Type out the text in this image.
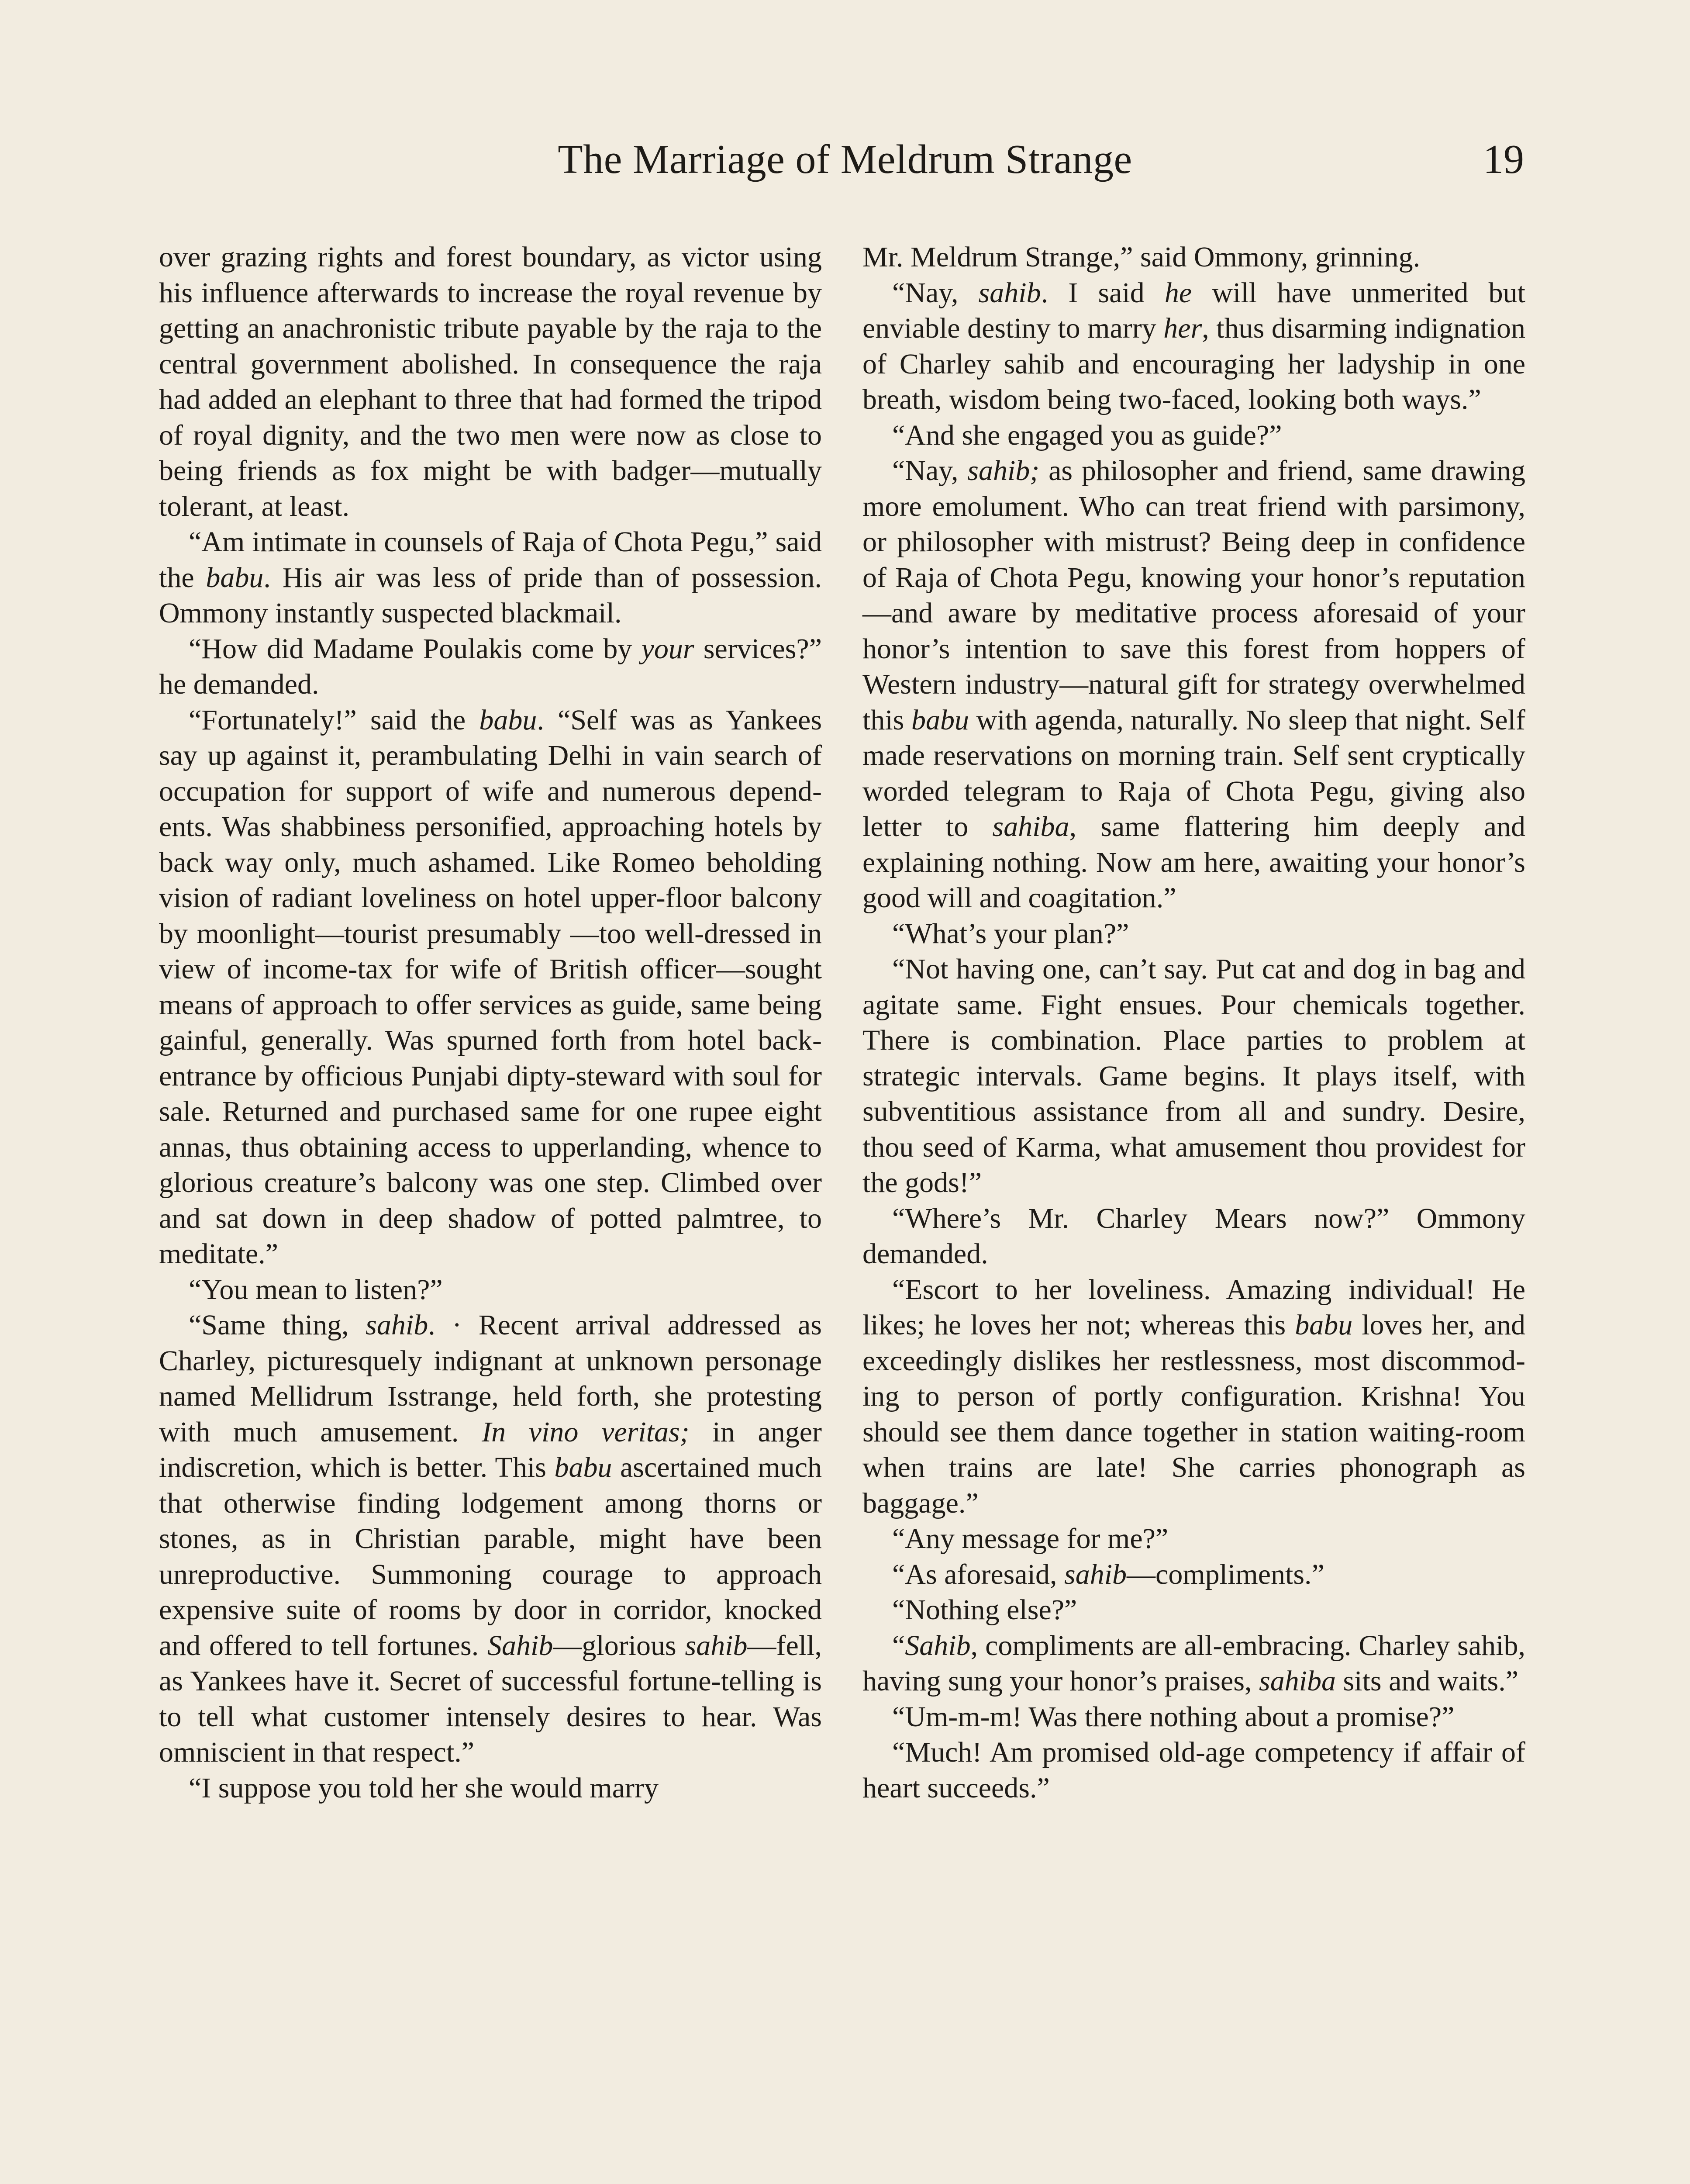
The Marriage of Meldrum Strange	19

over grazing rights and forest boundary, as victor using his influence afterwards to increase the royal revenue by getting an anachronistic tribute payable by the raja to the central government abolished. In consequence the raja had added an elephant to three that had formed the tripod of royal dignity, and the two men were now as close to being friends as fox might be with badger—mutually tolerant, at least.

“Am intimate in counsels of Raja of Chota Pegu,” said the babu. His air was less of pride than of possession. Ommony instantly suspected blackmail.

“How did Madame Poulakis come by your services?” he demanded.

“Fortunately!” said the babu. “Self was as Yankees say up against it, perambulating Delhi in vain search of occupation for support of wife and numerous dependents. Was shabbiness personified, approaching hotels by back way only, much ashamed. Like Romeo beholding vision of radiant loveliness on hotel upper-floor balcony by moonlight—tourist presumably —too well-dressed in view of income-tax for wife of British officer—sought means of approach to offer services as guide, same being gainful, generally. Was spurned forth from hotel back-entrance by officious Punjabi dipty-steward with soul for sale. Returned and purchased same for one rupee eight annas, thus obtaining access to upperlanding, whence to glorious creature’s balcony was one step. Climbed over and sat down in deep shadow of potted palmtree, to meditate.”

“You mean to listen?”

“Same thing, sahib. · Recent arrival addressed as Charley, picturesquely indignant at unknown personage named Mellidrum Isstrange, held forth, she protesting with much amusement. In vino veritas; in anger indiscretion, which is better. This babu ascertained much that otherwise finding lodgement among thorns or stones, as in Christian parable, might have been unreproductive. Summoning courage to approach expensive suite of rooms by door in corridor, knocked and offered to tell fortunes. Sahib—glorious sahib—fell, as Yankees have it. Secret of successful fortune-telling is to tell what customer intensely desires to hear. Was omniscient in that respect.”

“I suppose you told her she would marry

Mr. Meldrum Strange,” said Ommony, grinning.

“Nay, sahib. I said he will have unmerited but enviable destiny to marry her, thus disarming indignation of Charley sahib and encouraging her ladyship in one breath, wisdom being two-faced, looking both ways.”

“And she engaged you as guide?”

“Nay, sahib; as philosopher and friend, same drawing more emolument. Who can treat friend with parsimony, or philosopher with mistrust? Being deep in confidence of Raja of Chota Pegu, knowing your honor’s reputation—and aware by meditative process aforesaid of your honor’s intention to save this forest from hoppers of Western industry—natural gift for strategy overwhelmed this babu with agenda, naturally. No sleep that night. Self made reservations on morning train. Self sent cryptically worded telegram to Raja of Chota Pegu, giving also letter to sahiba, same flattering him deeply and explaining nothing. Now am here, awaiting your honor’s good will and coagitation.”

“What’s your plan?”

“Not having one, can’t say. Put cat and dog in bag and agitate same. Fight ensues. Pour chemicals together. There is combination. Place parties to problem at strategic intervals. Game begins. It plays itself, with subventitious assistance from all and sundry. Desire, thou seed of Karma, what amusement thou providest for the gods!”

“Where’s Mr. Charley Mears now?” Ommony demanded.

“Escort to her loveliness. Amazing individual! He likes; he loves her not; whereas this babu loves her, and exceedingly dislikes her restlessness, most discommoding to person of portly configuration. Krishna! You should see them dance together in station waiting-room when trains are late! She carries phonograph as baggage.”

“Any message for me?”

“As aforesaid, sahib—compliments.”

“Nothing else?”

“Sahib, compliments are all-embracing. Charley sahib, having sung your honor’s praises, sahiba sits and waits.”

“Um-m-m! Was there nothing about a promise?”

“Much! Am promised old-age competency if affair of heart succeeds.”
